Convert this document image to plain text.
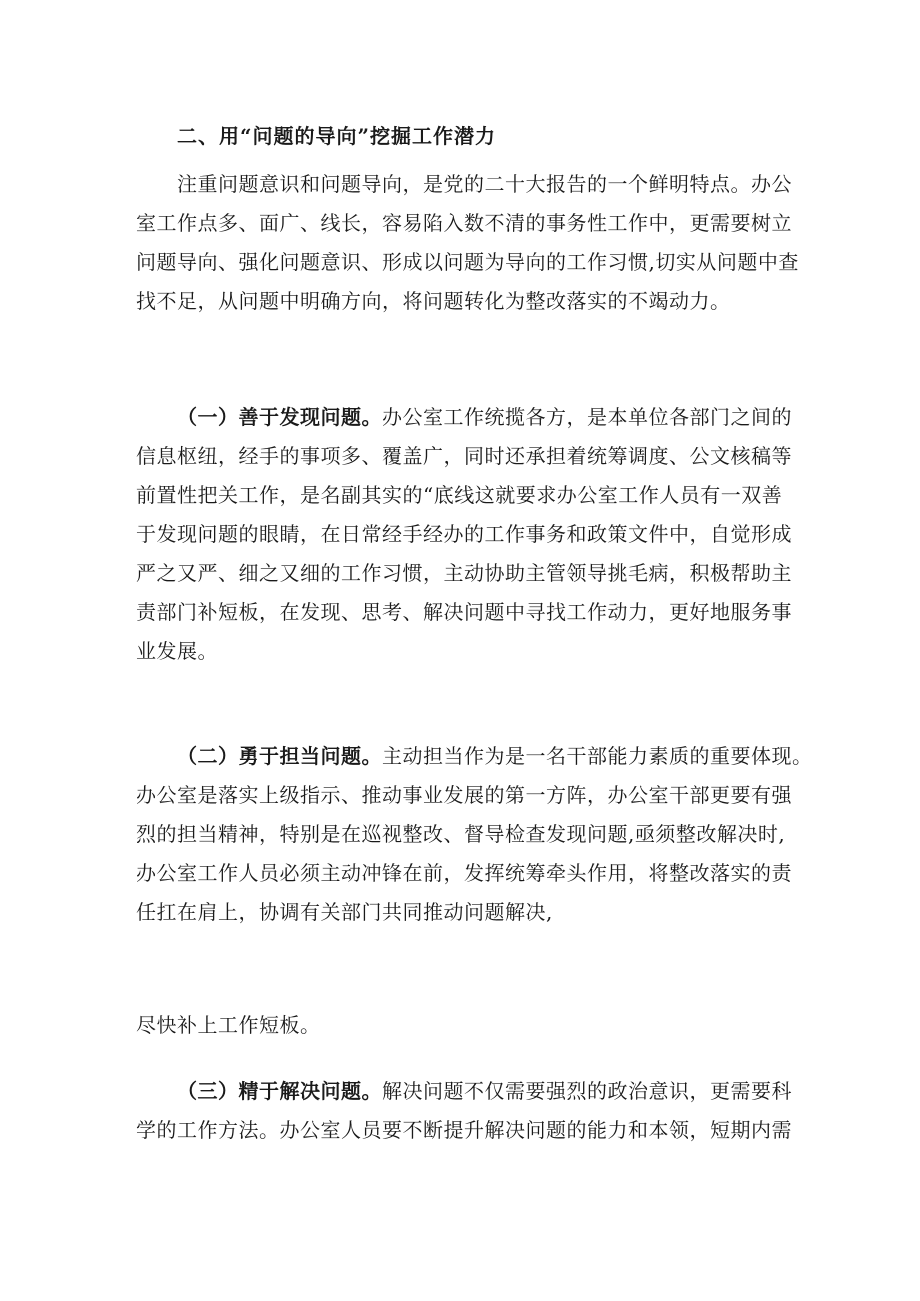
二、用“问题的导向”挖掘工作潜力
注重问题意识和问题导向，是党的二十大报告的一个鲜明特点。办公
室工作点多、面广、线长，容易陷入数不清的事务性工作中，更需要树立
问题导向、强化问题意识、形成以问题为导向的工作习惯,切实从问题中查
找不足，从问题中明确方向，将问题转化为整改落实的不竭动力。
（一）善于发现问题。办公室工作统揽各方，是本单位各部门之间的
信息枢纽，经手的事项多、覆盖广，同时还承担着统筹调度、公文核稿等
前置性把关工作，是名副其实的“底线这就要求办公室工作人员有一双善
于发现问题的眼睛，在日常经手经办的工作事务和政策文件中，自觉形成
严之又严、细之又细的工作习惯，主动协助主管领导挑毛病，积极帮助主
责部门补短板，在发现、思考、解决问题中寻找工作动力，更好地服务事
业发展。
（二）勇于担当问题。主动担当作为是一名干部能力素质的重要体现。
办公室是落实上级指示、推动事业发展的第一方阵，办公室干部更要有强
烈的担当精神，特别是在巡视整改、督导检查发现问题,亟须整改解决时,
办公室工作人员必须主动冲锋在前，发挥统筹牵头作用，将整改落实的责
任扛在肩上，协调有关部门共同推动问题解决,
尽快补上工作短板。
（三）精于解决问题。解决问题不仅需要强烈的政治意识，更需要科
学的工作方法。办公室人员要不断提升解决问题的能力和本领，短期内需
